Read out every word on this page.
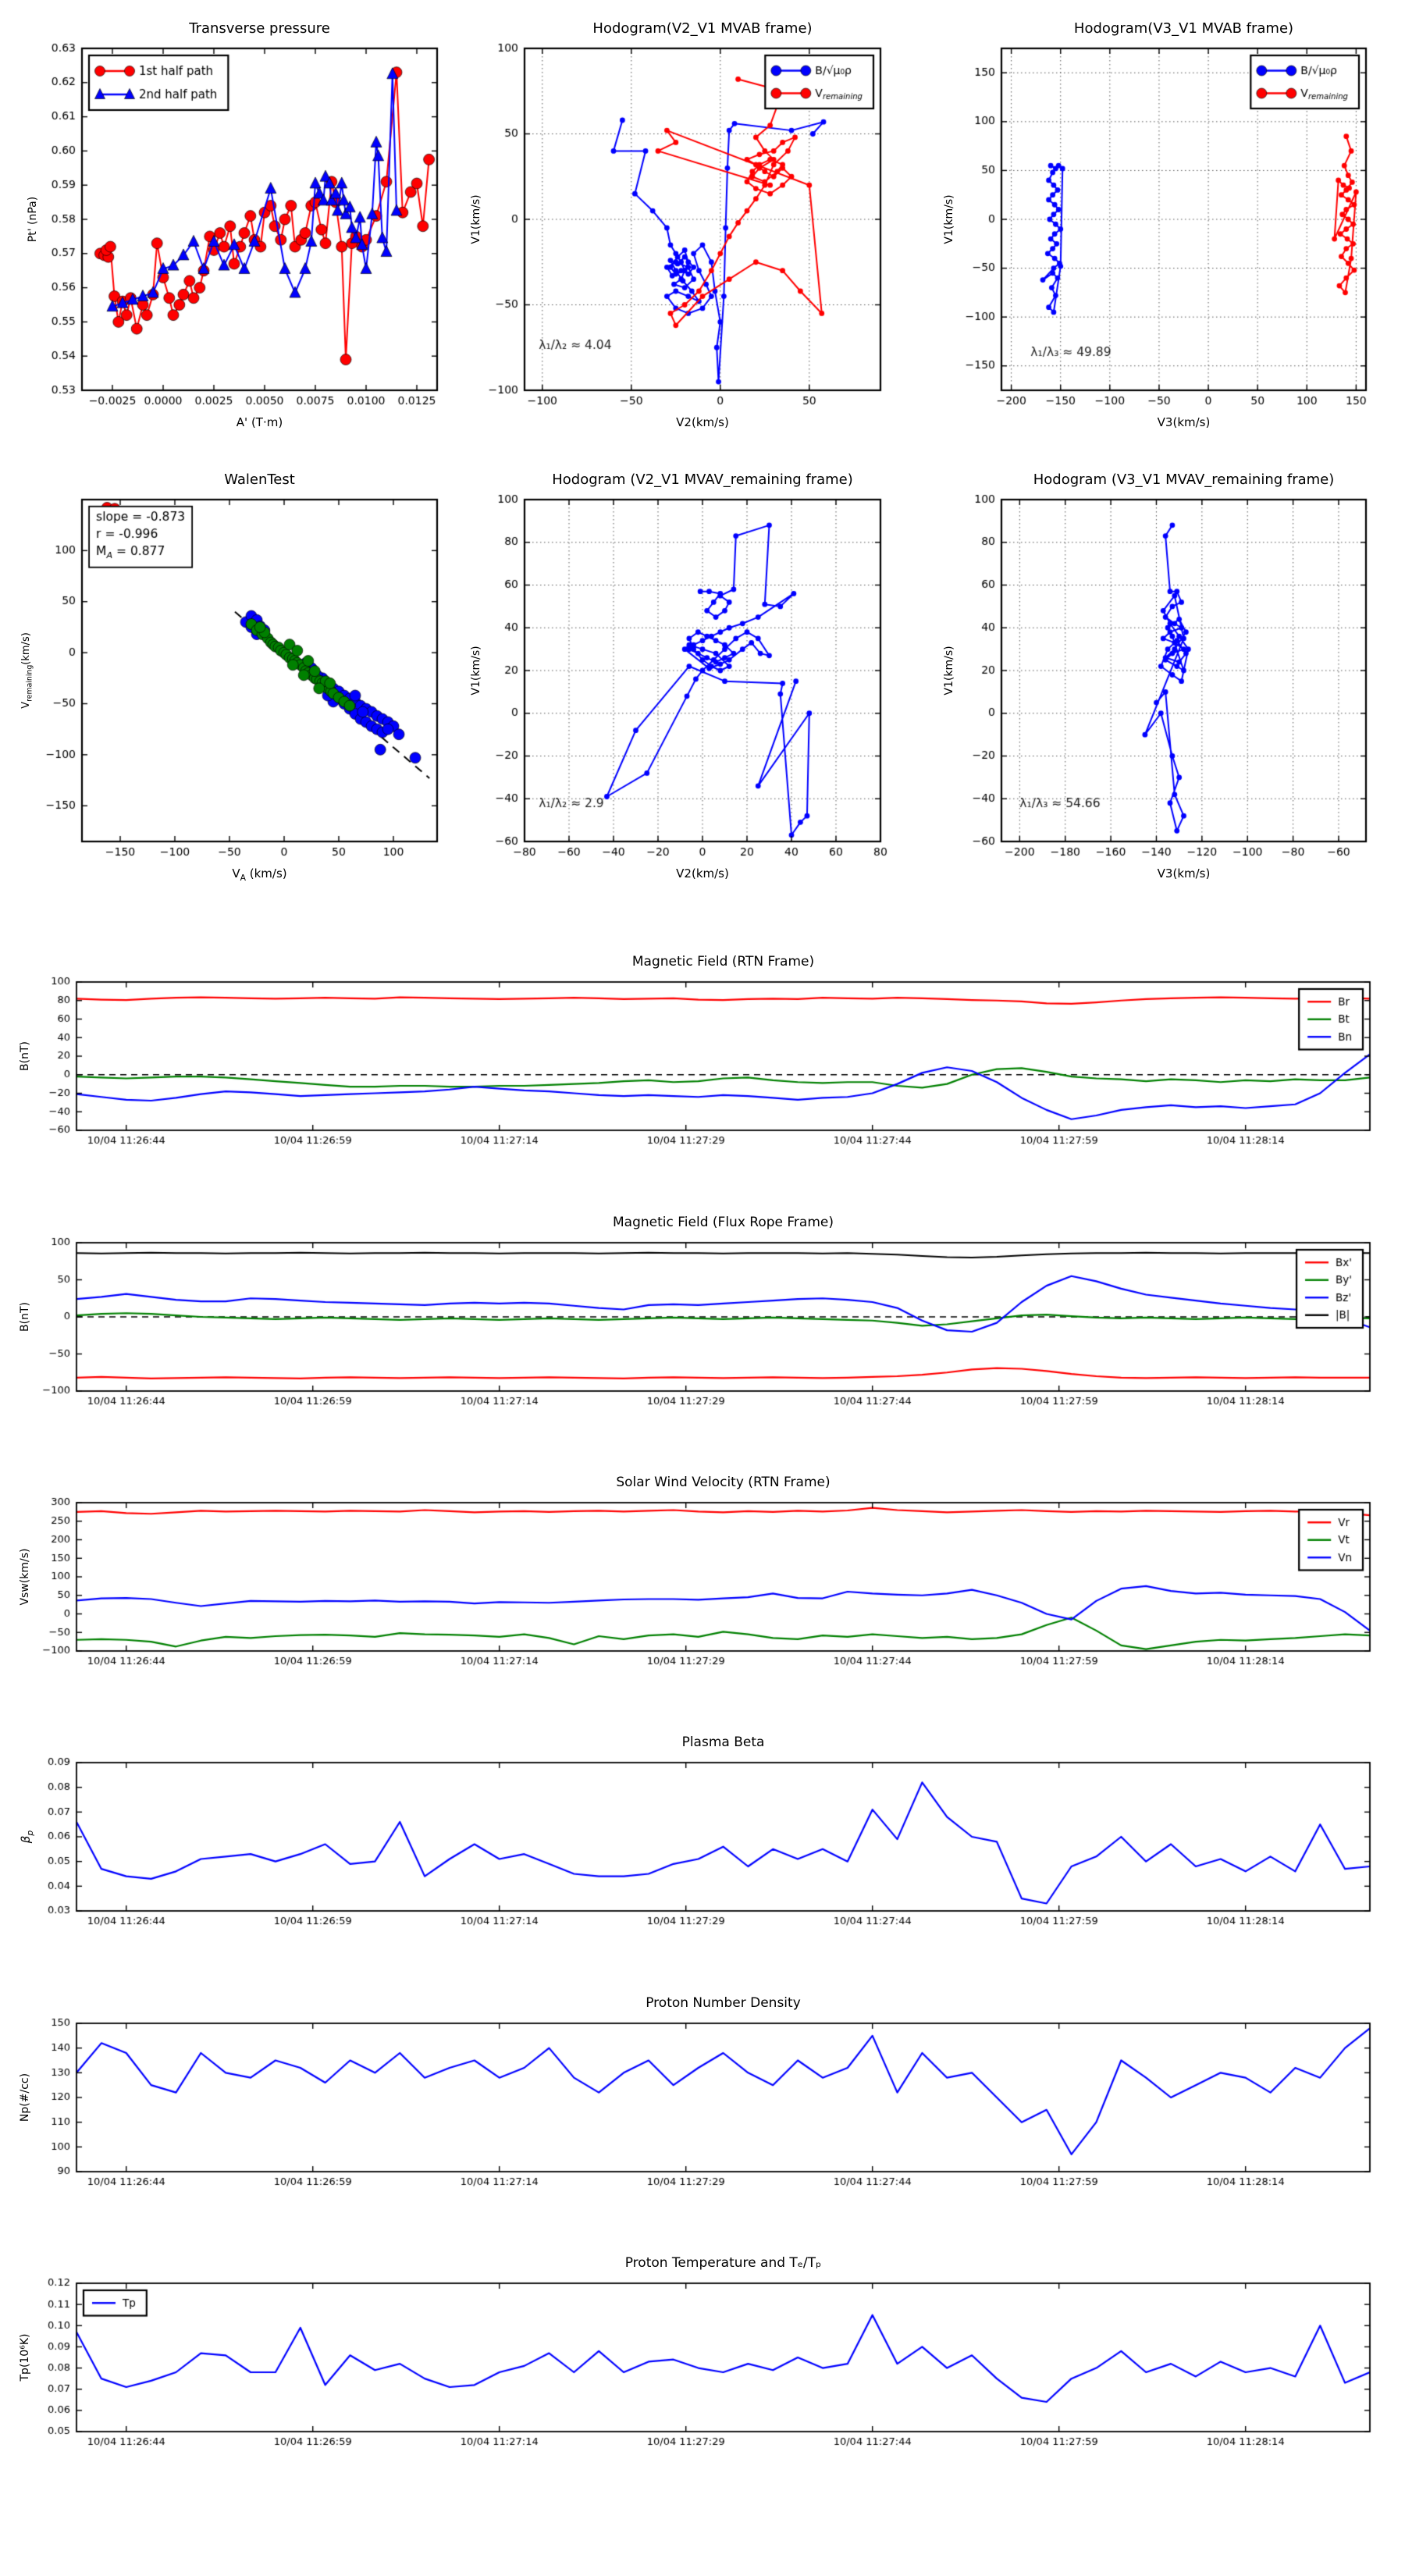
Transverse pressure	Hodogram(V2_V1 MVAB frame)	Hodogram(V3_V1 MVAB frame)
WalenTest	Hodogram (V2_V1 MVAV_remaining frame)	Hodogram (V3_V1 MVAV_remaining frame)
Magnetic Field (RTN Frame)
Magnetic Field (Flux Rope Frame)
Solar Wind Velocity (RTN Frame)
Plasma Beta
Proton Number Density
Proton Temperature and Tₑ/Tₚ
A' (T·m)	V2(km/s)	V3(km/s)
$V_A$ (km/s)	V2(km/s)	V3(km/s)
Pt' (nPa)	V1(km/s)	V1(km/s)
$V_{remaining}(km/s)$	V1(km/s)	V1(km/s)
B(nT)
B(nT)
Vsw(km/s)
$\beta_p$
Np(#/cc)
Tp(10⁶K)
